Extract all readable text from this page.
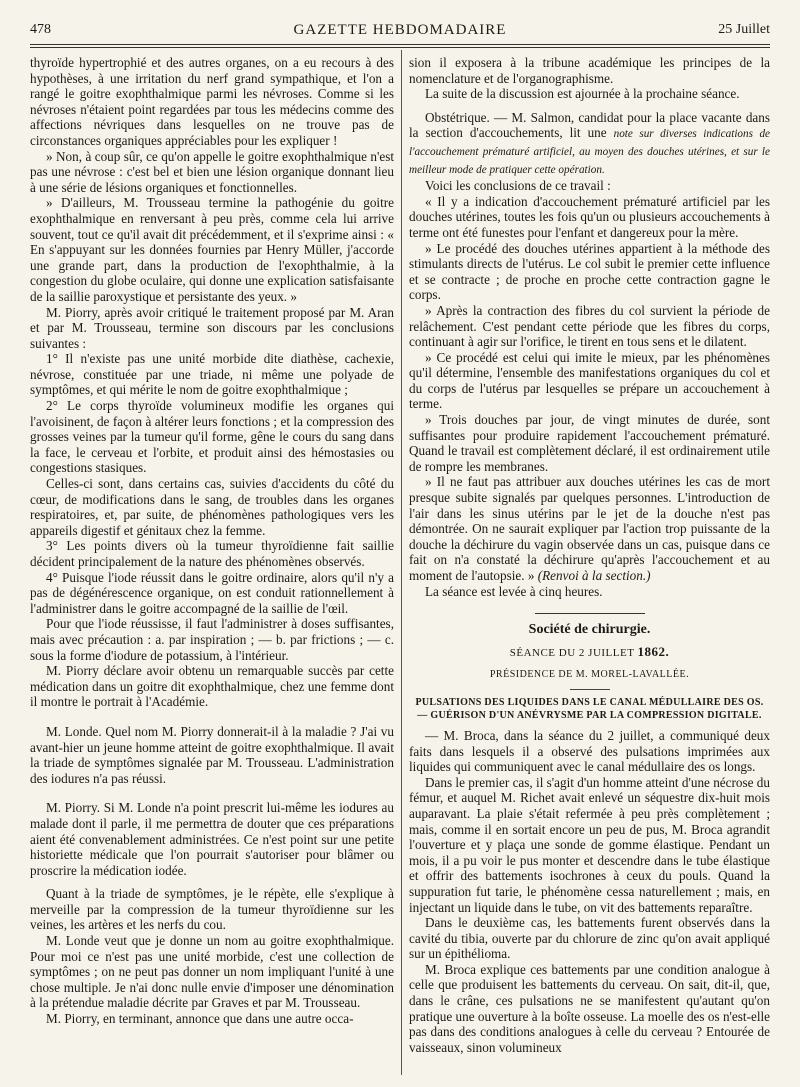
478	GAZETTE HEBDOMADAIRE	25 Juillet

thyroïde hypertrophié et des autres organes, on a eu recours à des hypothèses, à une irritation du nerf grand sympathique, et l'on a rangé le goitre exophthalmique parmi les névroses. Comme si les névroses n'étaient point regardées par tous les médecins comme des affections névriques dans lesquelles on ne trouve pas de circonstances organiques appréciables pour les expliquer !

» Non, à coup sûr, ce qu'on appelle le goitre exophthalmique n'est pas une névrose : c'est bel et bien une lésion organique donnant lieu à une série de lésions organiques et fonctionnelles.

» D'ailleurs, M. Trousseau termine la pathogénie du goitre exophthalmique en renversant à peu près, comme cela lui arrive souvent, tout ce qu'il avait dit précédemment, et il s'exprime ainsi : « En s'appuyant sur les données fournies par Henry Müller, j'accorde une grande part, dans la production de l'exophthalmie, à la congestion du globe oculaire, qui donne une explication satisfaisante de la saillie paroxystique et persistante des yeux. »

M. Piorry, après avoir critiqué le traitement proposé par M. Aran et par M. Trousseau, termine son discours par les conclusions suivantes :

1° Il n'existe pas une unité morbide dite diathèse, cachexie, névrose, constituée par une triade, ni même une polyade de symptômes, et qui mérite le nom de goitre exophthalmique ;

2° Le corps thyroïde volumineux modifie les organes qui l'avoisinent, de façon à altérer leurs fonctions ; et la compression des grosses veines par la tumeur qu'il forme, gêne le cours du sang dans la face, le cerveau et l'orbite, et produit ainsi des hémostasies ou congestions stasiques.

Celles-ci sont, dans certains cas, suivies d'accidents du côté du cœur, de modifications dans le sang, de troubles dans les organes respiratoires, et, par suite, de phénomènes pathologiques vers les appareils digestif et génitaux chez la femme.

3° Les points divers où la tumeur thyroïdienne fait saillie décident principalement de la nature des phénomènes observés.

4° Puisque l'iode réussit dans le goitre ordinaire, alors qu'il n'y a pas de dégénérescence organique, on est conduit rationnellement à l'administrer dans le goitre accompagné de la saillie de l'œil.

Pour que l'iode réussisse, il faut l'administrer à doses suffisantes, mais avec précaution : a. par inspiration ; — b. par frictions ; — c. sous la forme d'iodure de potassium, à l'intérieur.

M. Piorry déclare avoir obtenu un remarquable succès par cette médication dans un goitre dit exophthalmique, chez une femme dont il montre le portrait à l'Académie.

M. Londe. Quel nom M. Piorry donnerait-il à la maladie ? J'ai vu avant-hier un jeune homme atteint de goitre exophthalmique. Il avait la triade de symptômes signalée par M. Trousseau. L'administration des iodures n'a pas réussi.

M. Piorry. Si M. Londe n'a point prescrit lui-même les iodures au malade dont il parle, il me permettra de douter que ces préparations aient été convenablement administrées. Ce n'est point sur une petite historiette médicale que l'on pourrait s'autoriser pour blâmer ou proscrire la médication iodée.

Quant à la triade de symptômes, je le répète, elle s'explique à merveille par la compression de la tumeur thyroïdienne sur les veines, les artères et les nerfs du cou.

M. Londe veut que je donne un nom au goitre exophthalmique. Pour moi ce n'est pas une unité morbide, c'est une collection de symptômes ; on ne peut pas donner un nom impliquant l'unité à une chose multiple. Je n'ai donc nulle envie d'imposer une dénomination à la prétendue maladie décrite par Graves et par M. Trousseau.

M. Piorry, en terminant, annonce que dans une autre occa-

sion il exposera à la tribune académique les principes de la nomenclature et de l'organographisme.

La suite de la discussion est ajournée à la prochaine séance.

Obstétrique. — M. Salmon, candidat pour la place vacante dans la section d'accouchements, lit une note sur diverses indications de l'accouchement prématuré artificiel, au moyen des douches utérines, et sur le meilleur mode de pratiquer cette opération.

Voici les conclusions de ce travail :

« Il y a indication d'accouchement prématuré artificiel par les douches utérines, toutes les fois qu'un ou plusieurs accouchements à terme ont été funestes pour l'enfant et dangereux pour la mère.

» Le procédé des douches utérines appartient à la méthode des stimulants directs de l'utérus. Le col subit le premier cette influence et se contracte ; de proche en proche cette contraction gagne le corps.

» Après la contraction des fibres du col survient la période de relâchement. C'est pendant cette période que les fibres du corps, continuant à agir sur l'orifice, le tirent en tous sens et le dilatent.

» Ce procédé est celui qui imite le mieux, par les phénomènes qu'il détermine, l'ensemble des manifestations organiques du col et du corps de l'utérus par lesquelles se prépare un accouchement à terme.

» Trois douches par jour, de vingt minutes de durée, sont suffisantes pour produire rapidement l'accouchement prématuré. Quand le travail est complètement déclaré, il est ordinairement utile de rompre les membranes.

» Il ne faut pas attribuer aux douches utérines les cas de mort presque subite signalés par quelques personnes. L'introduction de l'air dans les sinus utérins par le jet de la douche n'est pas démontrée. On ne saurait expliquer par l'action trop puissante de la douche la déchirure du vagin observée dans un cas, puisque dans ce fait on n'a constaté la déchirure qu'après l'accouchement et au moment de l'autopsie. » (Renvoi à la section.)

La séance est levée à cinq heures.

Société de chirurgie.
SÉANCE DU 2 JUILLET 1862.
PRÉSIDENCE DE M. MOREL-LAVALLÉE.
PULSATIONS DES LIQUIDES DANS LE CANAL MÉDULLAIRE DES OS. — GUÉRISON D'UN ANÉVRYSME PAR LA COMPRESSION DIGITALE.

— M. Broca, dans la séance du 2 juillet, a communiqué deux faits dans lesquels il a observé des pulsations imprimées aux liquides qui communiquent avec le canal médullaire des os longs.

Dans le premier cas, il s'agit d'un homme atteint d'une nécrose du fémur, et auquel M. Richet avait enlevé un séquestre dix-huit mois auparavant. La plaie s'était refermée à peu près complètement ; mais, comme il en sortait encore un peu de pus, M. Broca agrandit l'ouverture et y plaça une sonde de gomme élastique. Pendant un mois, il a pu voir le pus monter et descendre dans le tube élastique et offrir des battements isochrones à ceux du pouls. Quand la suppuration fut tarie, le phénomène cessa naturellement ; mais, en injectant un liquide dans le tube, on vit des battements reparaître.

Dans le deuxième cas, les battements furent observés dans la cavité du tibia, ouverte par du chlorure de zinc qu'on avait appliqué sur un épithélioma.

M. Broca explique ces battements par une condition analogue à celle que produisent les battements du cerveau. On sait, dit-il, que, dans le crâne, ces pulsations ne se manifestent qu'autant qu'on pratique une ouverture à la boîte osseuse. La moelle des os n'est-elle pas dans des conditions analogues à celle du cerveau ? Entourée de vaisseaux, sinon volumineux
